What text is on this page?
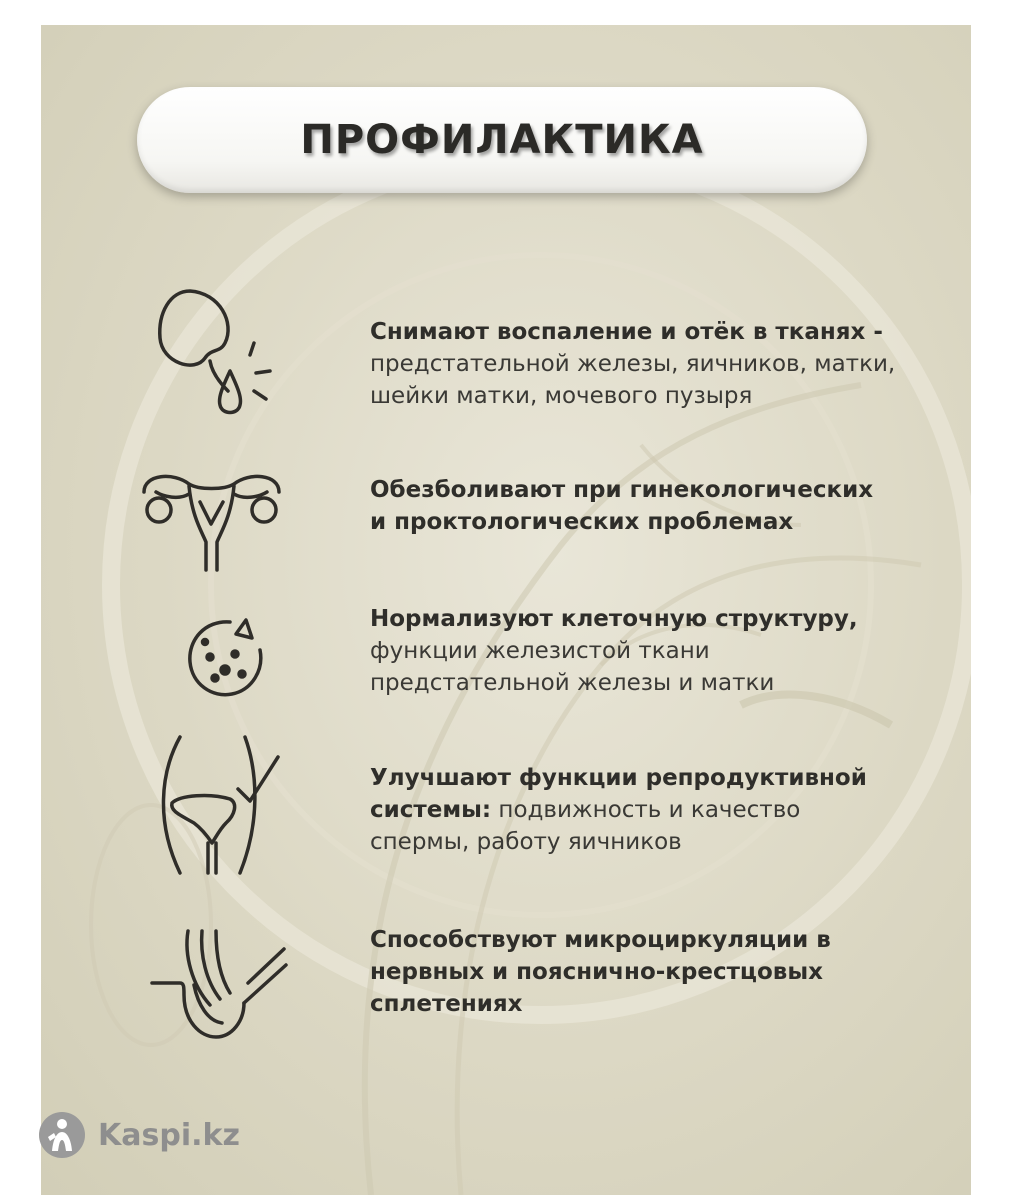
ПРОФИЛАКТИКА
Снимают воспаление и отёк в тканях -
предстательной железы, яичников, матки,
шейки матки, мочевого пузыря
Обезболивают при гинекологических
и проктологических проблемах
Нормализуют клеточную структуру,
функции железистой ткани
предстательной железы и матки
Улучшают функции репродуктивной
системы: подвижность и качество
спермы, работу яичников
Способствуют микроциркуляции в
нервных и пояснично-крестцовых
сплетениях
Kaspi.kz
